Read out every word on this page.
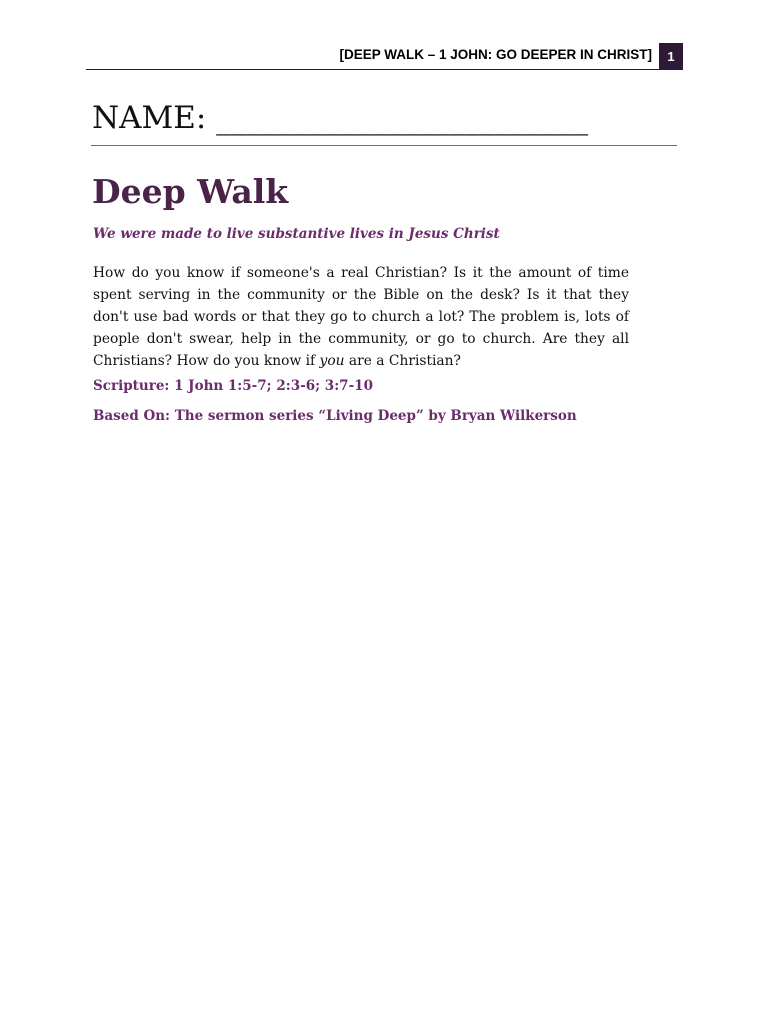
[DEEP WALK – 1 JOHN: GO DEEPER IN CHRIST]	1
NAME: ________________________
Deep Walk
We were made to live substantive lives in Jesus Christ

How do you know if someone's a real Christian? Is it the amount of time spent serving in the community or the Bible on the desk? Is it that they don't use bad words or that they go to church a lot? The problem is, lots of people don't swear, help in the community, or go to church. Are they all Christians? How do you know if you are a Christian?

Scripture: 1 John 1:5-7; 2:3-6; 3:7-10
Based On: The sermon series “Living Deep” by Bryan Wilkerson
